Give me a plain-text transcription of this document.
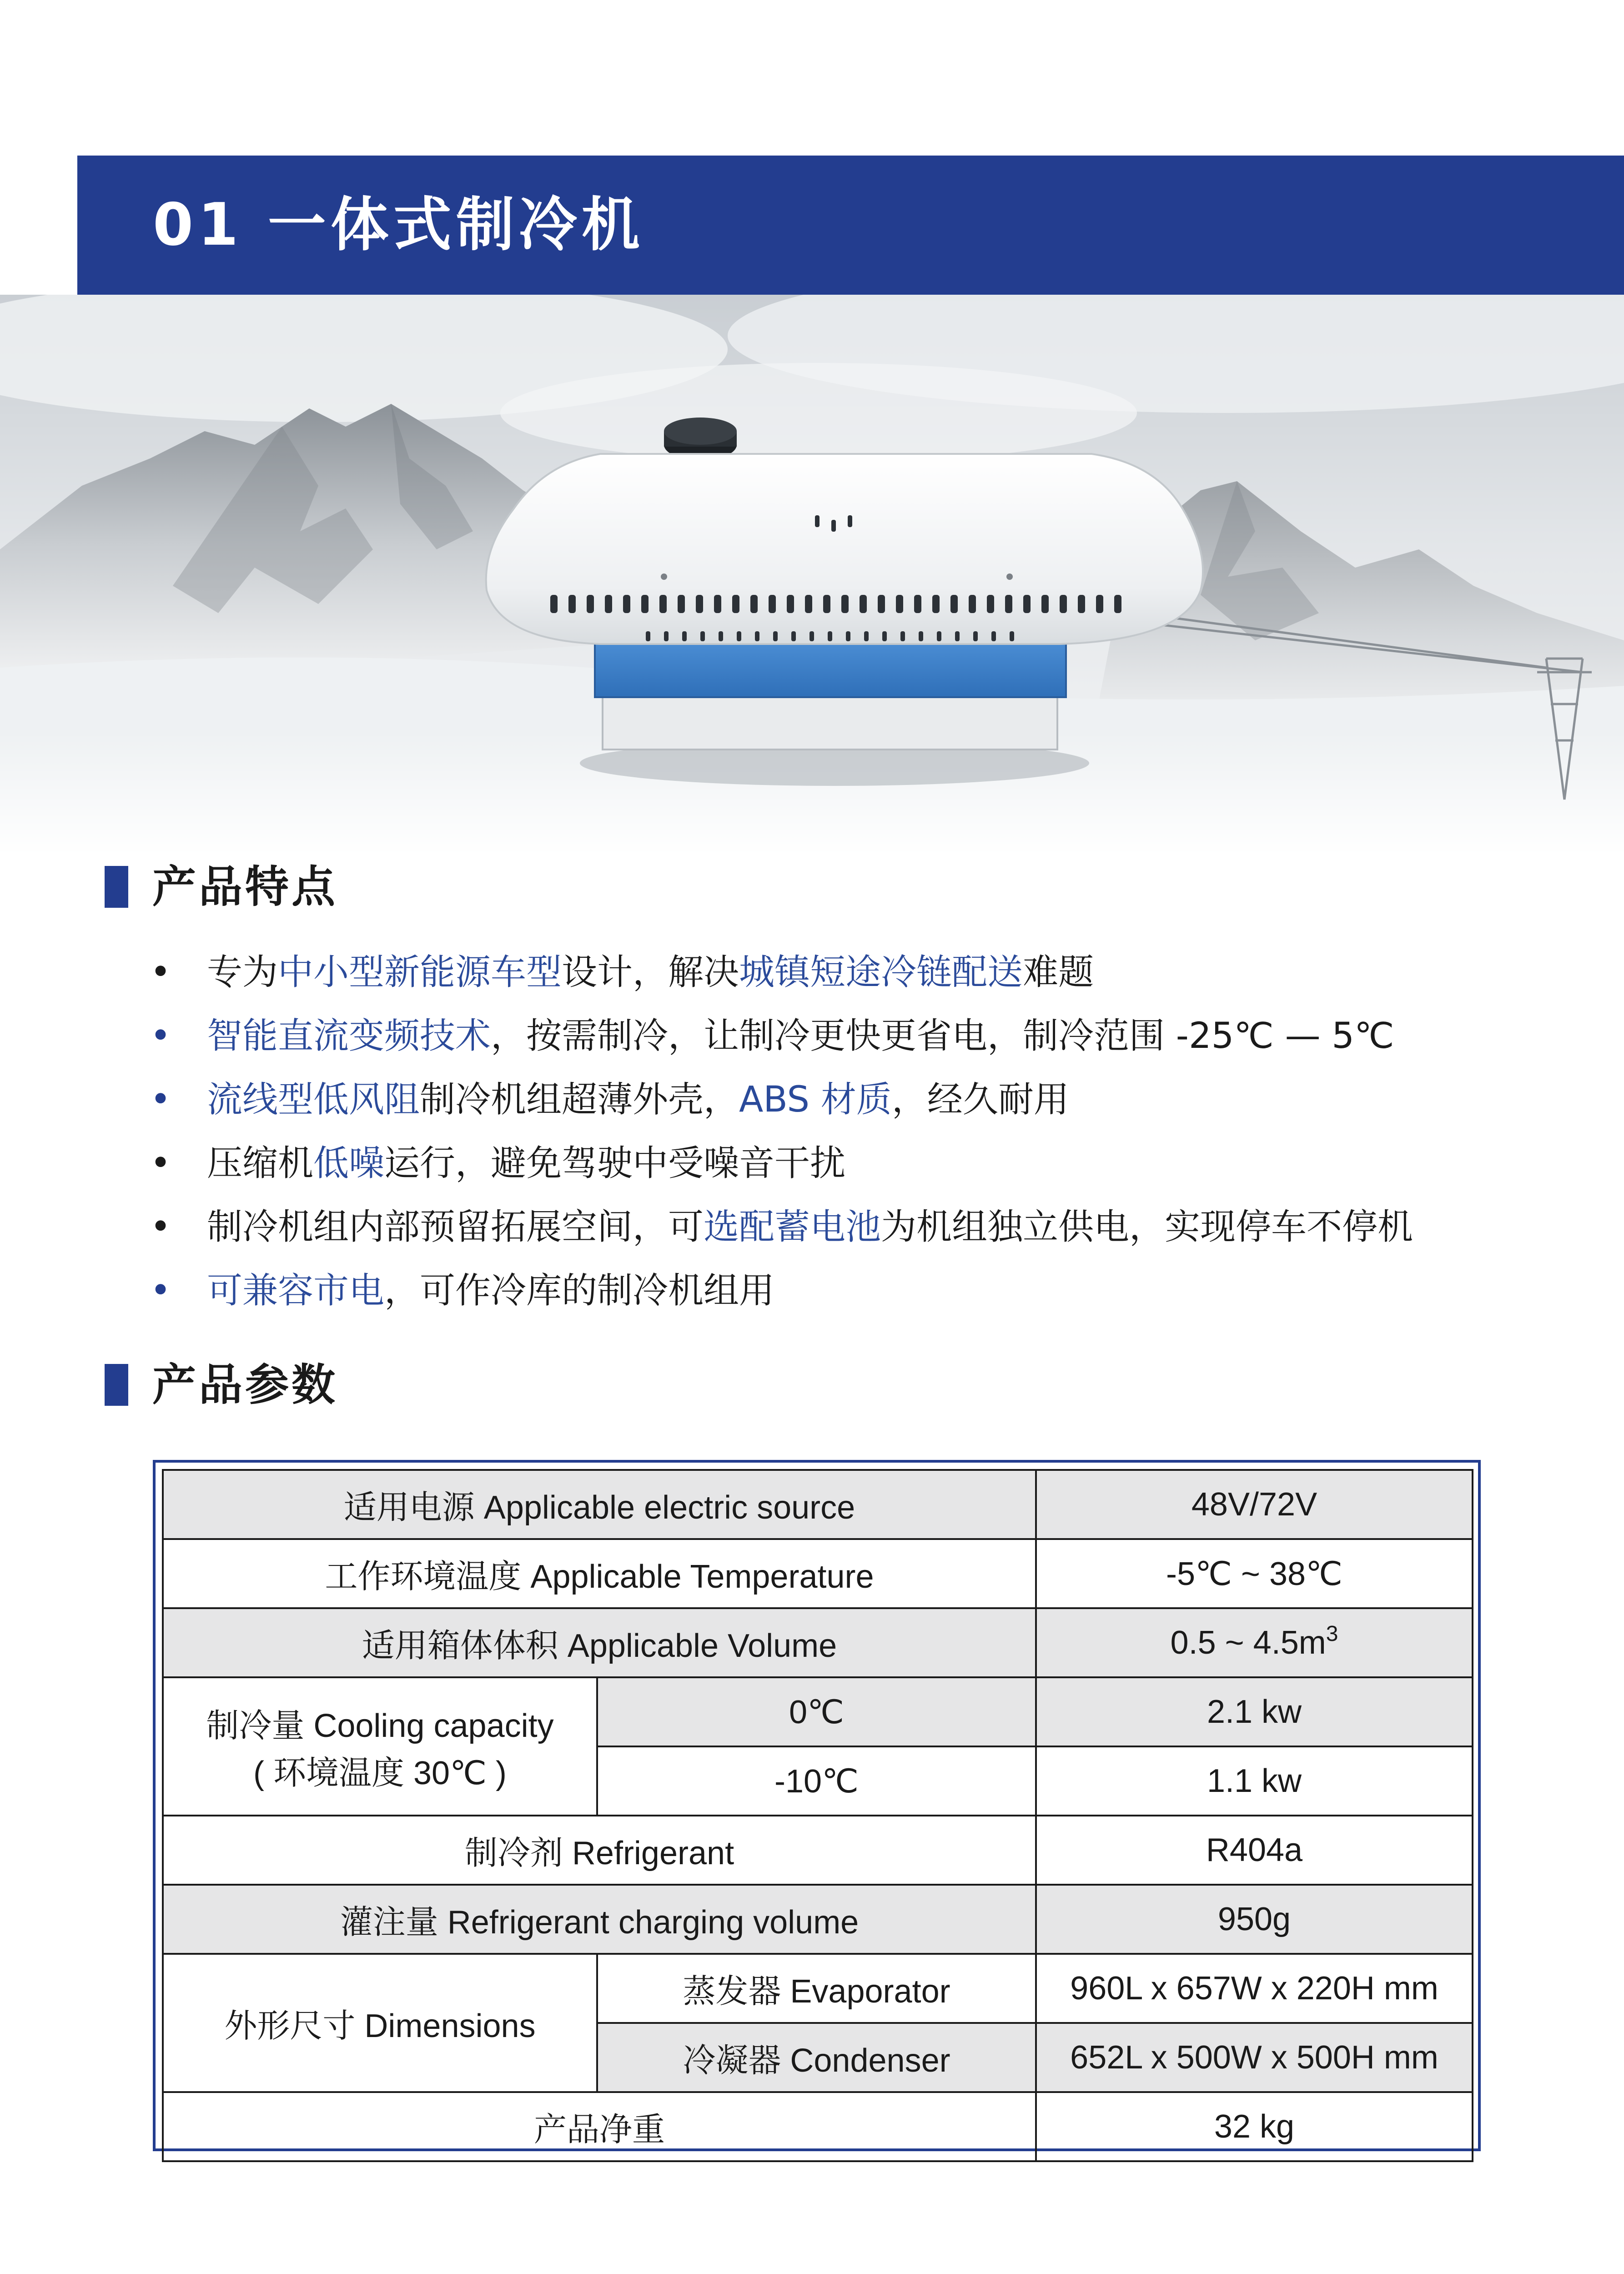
01 一体式制冷机
产品特点
• 专为中小型新能源车型设计，解决城镇短途冷链配送难题
• 智能直流变频技术，按需制冷，让制冷更快更省电，制冷范围 -25℃ — 5℃
• 流线型低风阻制冷机组超薄外壳，ABS 材质，经久耐用
• 压缩机低噪运行，避免驾驶中受噪音干扰
• 制冷机组内部预留拓展空间，可选配蓄电池为机组独立供电，实现停车不停机
• 可兼容市电，可作冷库的制冷机组用
产品参数
适用电源 Applicable electric source		48V/72V
工作环境温度 Applicable Temperature		-5℃ ~ 38℃
适用箱体体积 Applicable Volume		0.5 ~ $4.5m^3$

制冷量 Cooling capacity
( 环境温度 30℃ )	0℃	2.1 kw
	-10℃	1.1 kw
制冷剂 Refrigerant		R404a
灌注量 Refrigerant charging volume		950g
外形尺寸 Dimensions	蒸发器 Evaporator	960L x 657W x 220H mm
	冷凝器 Condenser	652L x 500W x 500H mm
产品净重		32 kg
